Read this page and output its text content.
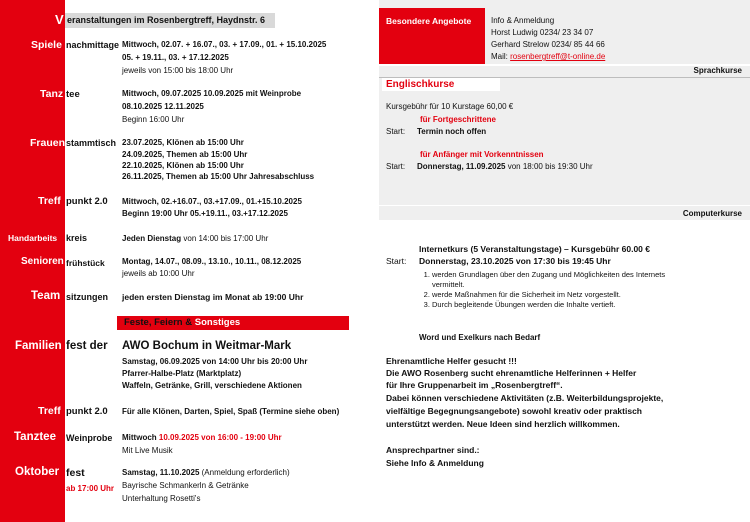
V eranstaltungen im Rosenbergtreff, Haydnstr. 6
Spiele nachmittage Mittwoch, 02.07. + 16.07., 03. + 17.09., 01. + 15.10.2025
05. + 19.11., 03. + 17.12.2025
jeweils von 15:00 bis 18:00 Uhr
Tanz tee	Mittwoch, 09.07.2025 10.09.2025 mit Weinprobe
08.10.2025 12.11.2025
Beginn 16:00 Uhr
Frauen stammtisch 23.07.2025, Klönen ab 15:00 Uhr
24.09.2025, Themen ab 15:00 Uhr
22.10.2025, Klönen ab 15:00 Uhr
26.11.2025, Themen ab 15:00 Uhr Jahresabschluss
Treff punkt 2.0 Mittwoch, 02.+16.07., 03.+17.09., 01.+15.10.2025
Beginn 19:00 Uhr 05.+19.11., 03.+17.12.2025
Handarbeits kreis	Jeden Dienstag von 14:00 bis 17:00 Uhr
Senioren frühstück Montag, 14.07., 08.09., 13.10., 10.11., 08.12.2025
jeweils ab 10:00 Uhr
Team sitzungen jeden ersten Dienstag im Monat ab 19:00 Uhr
Feste, Feiern & Sonstiges
Familien fest der AWO Bochum in Weitmar-Mark
Samstag, 06.09.2025 von 14:00 Uhr bis 20:00 Uhr
Pfarrer-Halbe-Platz (Marktplatz)
Waffeln, Getränke, Grill, verschiedene Aktionen
Treff punkt 2.0 Für alle Klönen, Darten, Spiel, Spaß (Termine siehe oben)
Tanztee Weinprobe Mittwoch 10.09.2025 von 16:00 - 19:00 Uhr
Mit Live Musik
Oktober fest
ab 17:00 Uhr
Samstag, 11.10.2025 (Anmeldung erforderlich)
Bayrische Schmankerln & Getränke
Unterhaltung Rosetti's
Besondere Angebote Info & Anmeldung
Horst Ludwig 0234/ 23 34 07
Gerhard Strelow 0234/ 85 44 66
Mail: rosenbergtreff@t-online.de
Sprachkurse
Englischkurse
Kursgebühr für 10 Kurstage 60,00 €
für Fortgeschrittene
Start: Termin noch offen
für Anfänger mit Vorkenntnissen
Start: Donnerstag, 11.09.2025 von 18:00 bis 19:30 Uhr
Computerkurse
Internetkurs (5 Veranstaltungstage) – Kursgebühr 60.00 €
Start: Donnerstag, 23.10.2025 von 17:30 bis 19:45 Uhr
1. werden Grundlagen über den Zugang und Möglichkeiten des Internets vermittelt.
2. werde Maßnahmen für die Sicherheit im Netz vorgestellt.
3. Durch begleitende Übungen werden die Inhalte vertieft.
Word und Exelkurs nach Bedarf
Ehrenamtliche Helfer gesucht !!!
Die AWO Rosenberg sucht ehrenamtliche Helferinnen + Helfer
für Ihre Gruppenarbeit im „Rosenbergtreff“.
Dabei können verschiedene Aktivitäten (z.B. Weiterbildungsprojekte,
vielfältige Begegnungsangebote) sowohl kreativ oder praktisch
unterstützt werden. Neue Ideen sind herzlich willkommen.
Ansprechpartner sind.:
Siehe Info & Anmeldung
